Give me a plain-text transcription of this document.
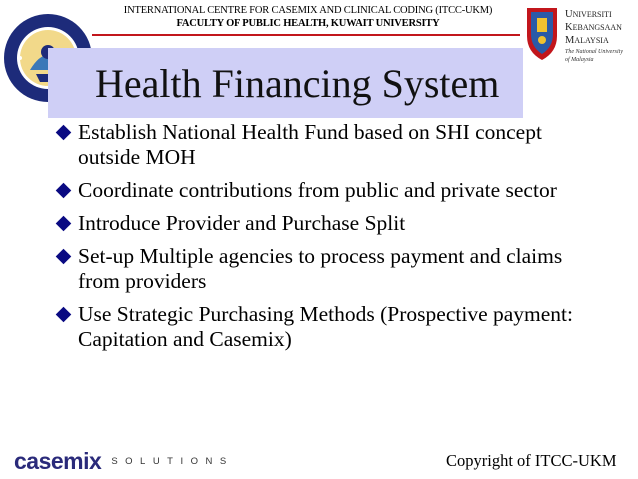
INTERNATIONAL CENTRE FOR CASEMIX AND CLINICAL CODING (ITCC-UKM)
FACULTY OF PUBLIC HEALTH, KUWAIT UNIVERSITY
UNIVERSITI
KEBANGSAAN
MALAYSIA
The National University
of Malaysia
Health Financing System
Establish National Health Fund based on SHI concept outside MOH
Coordinate contributions from public and private sector
Introduce Provider and Purchase Split
Set-up Multiple agencies to process payment and claims from providers
Use Strategic Purchasing Methods (Prospective payment: Capitation and Casemix)
casemix SOLUTIONS	Copyright of ITCC-UKM
